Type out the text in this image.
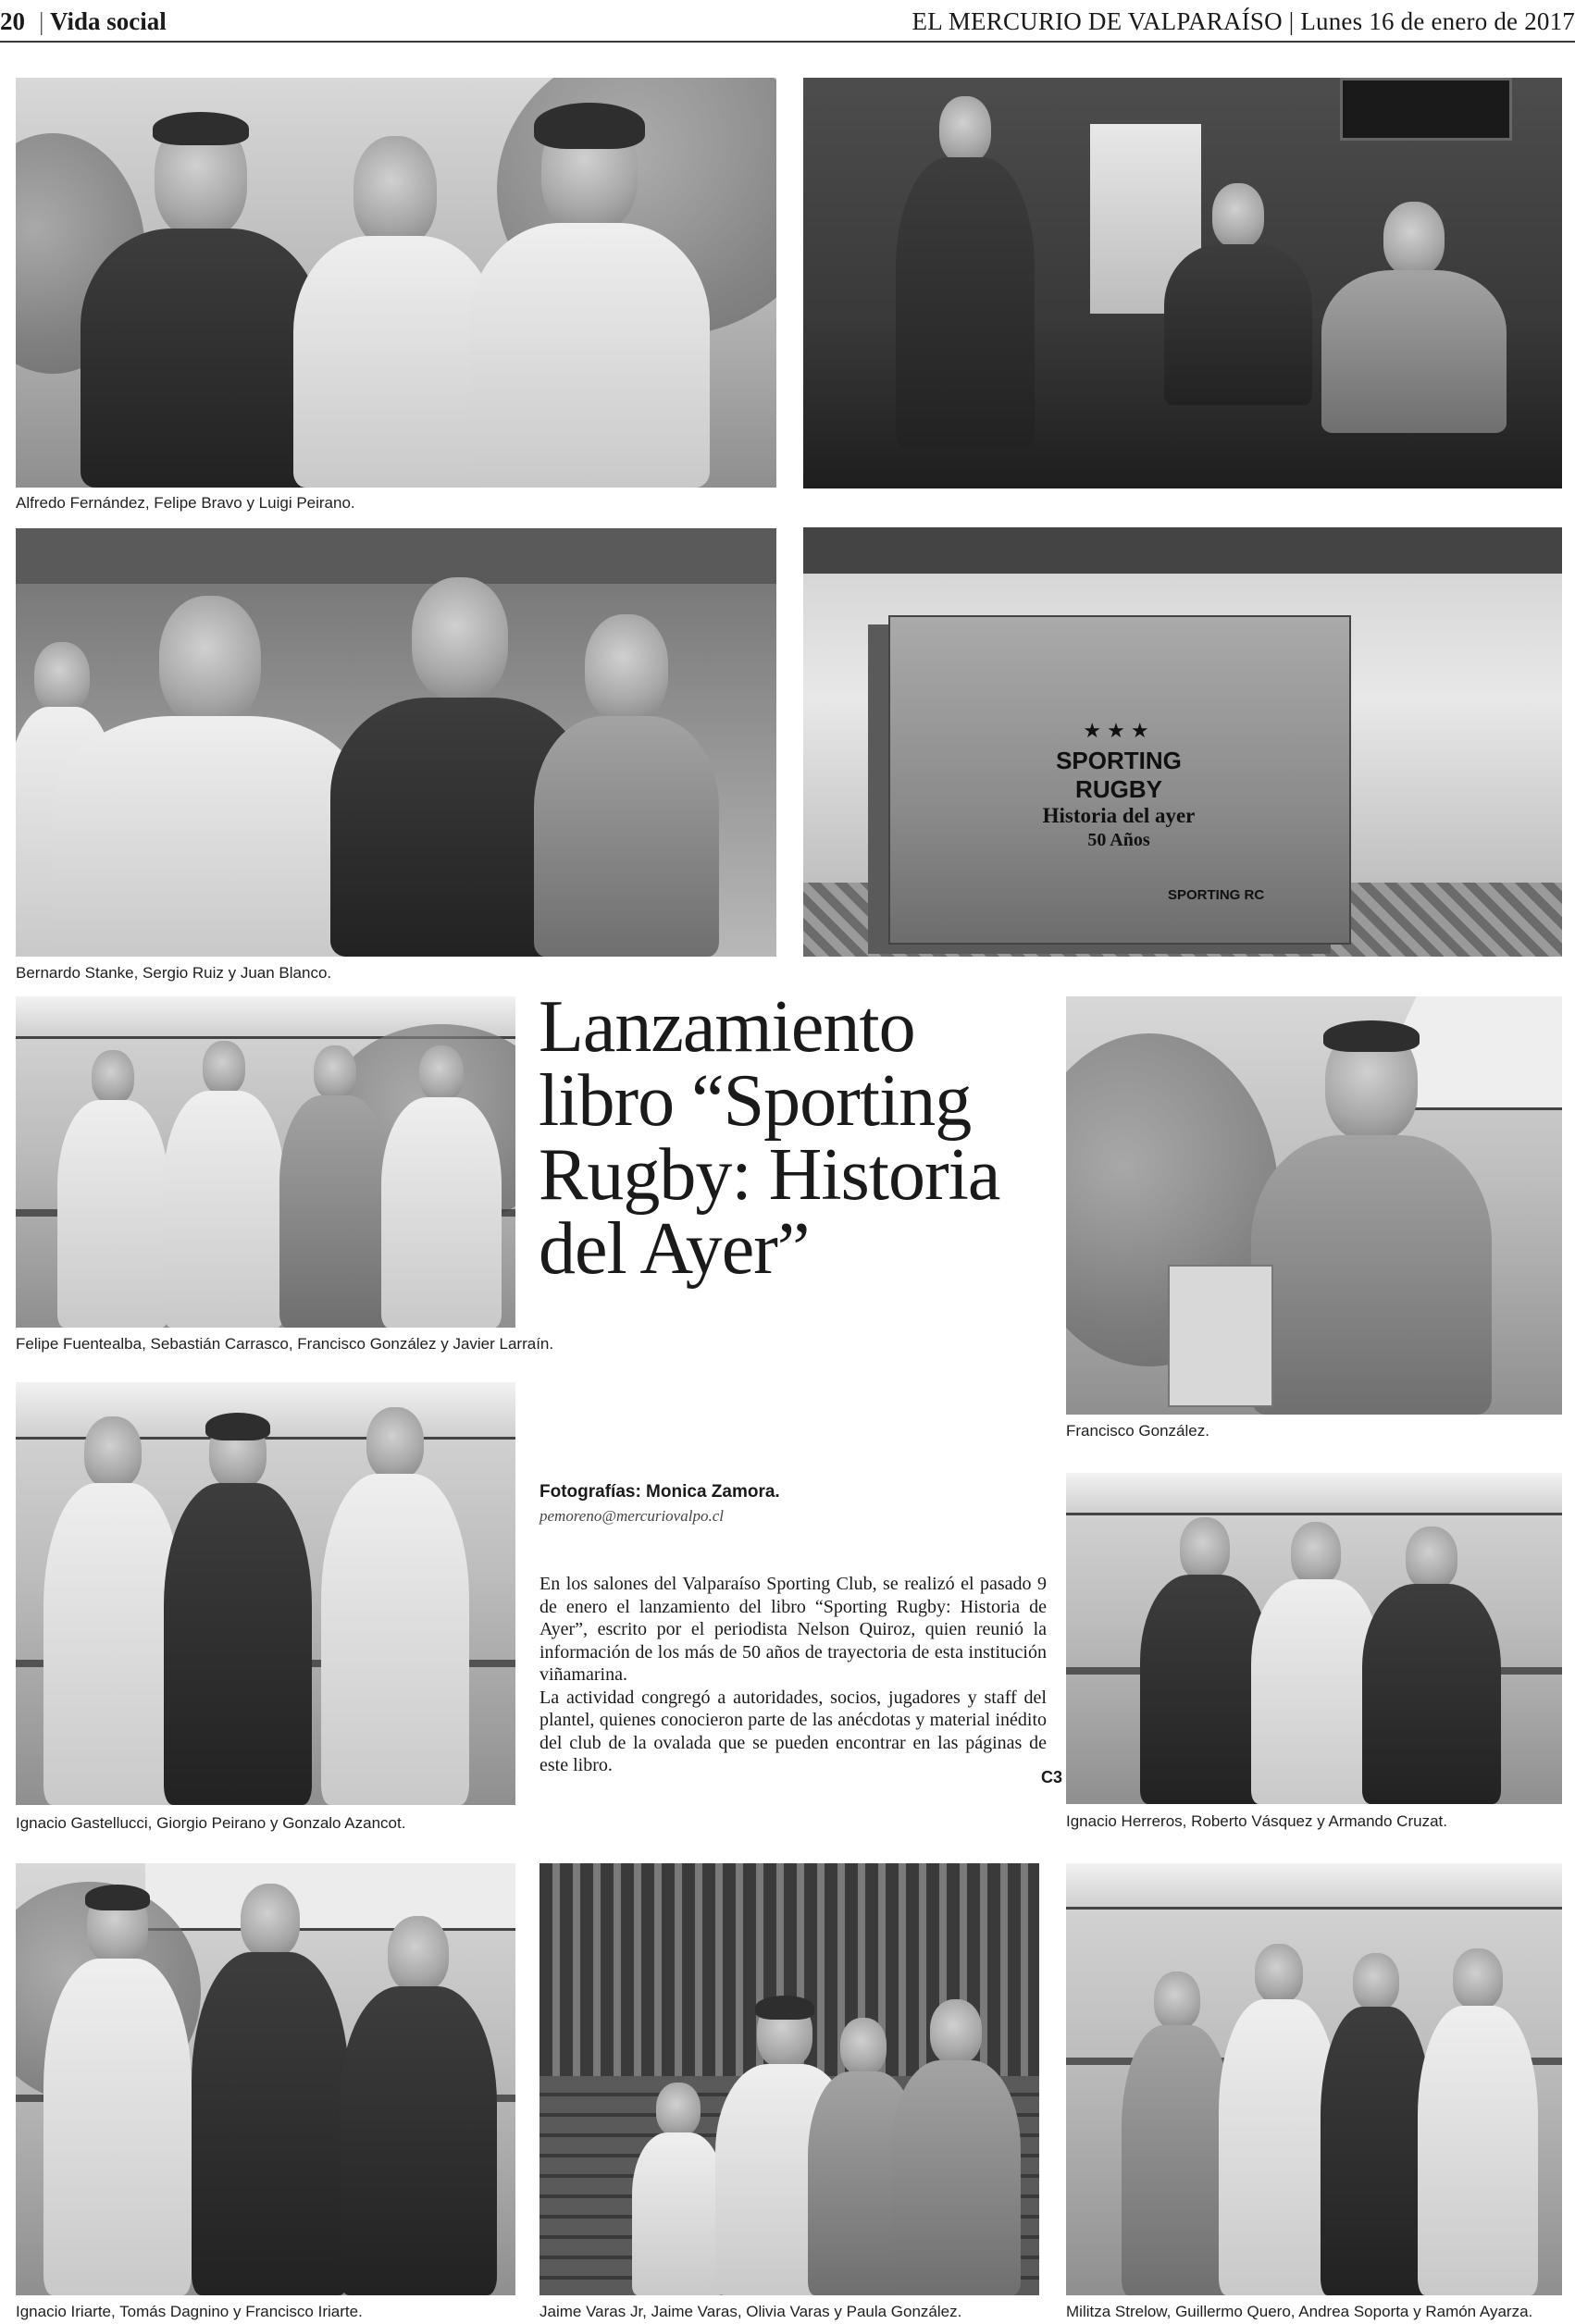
20 | Vida social	EL MERCURIO DE VALPARAÍSO | Lunes 16 de enero de 2017
Alfredo Fernández, Felipe Bravo y Luigi Peirano.
Bernardo Stanke, Sergio Ruiz y Juan Blanco.
★★★
SPORTING RUGBY
Historia del ayer
50 Años
SPORTING RC
Felipe Fuentealba, Sebastián Carrasco, Francisco González y Javier Larraín.
Lanzamiento libro “Sporting Rugby: Historia del Ayer”
Francisco González.
Ignacio Gastellucci, Giorgio Peirano y Gonzalo Azancot.
Fotografías: Monica Zamora.
pemoreno@mercuriovalpo.cl

En los salones del Valparaíso Sporting Club, se realizó el pasado 9 de enero el lanzamiento del libro “Sporting Rugby: Historia de Ayer”, escrito por el periodista Nelson Quiroz, quien reunió la información de los más de 50 años de trayectoria de esta institución viñamarina.

La actividad congregó a autoridades, socios, jugadores y staff del plantel, quienes conocieron parte de las anécdotas y material inédito del club de la ovalada que se pueden encontrar en las páginas de este libro.

C3
Ignacio Herreros, Roberto Vásquez y Armando Cruzat.
Ignacio Iriarte, Tomás Dagnino y Francisco Iriarte.	Jaime Varas Jr, Jaime Varas, Olivia Varas y Paula González.	Militza Strelow, Guillermo Quero, Andrea Soporta y Ramón Ayarza.
